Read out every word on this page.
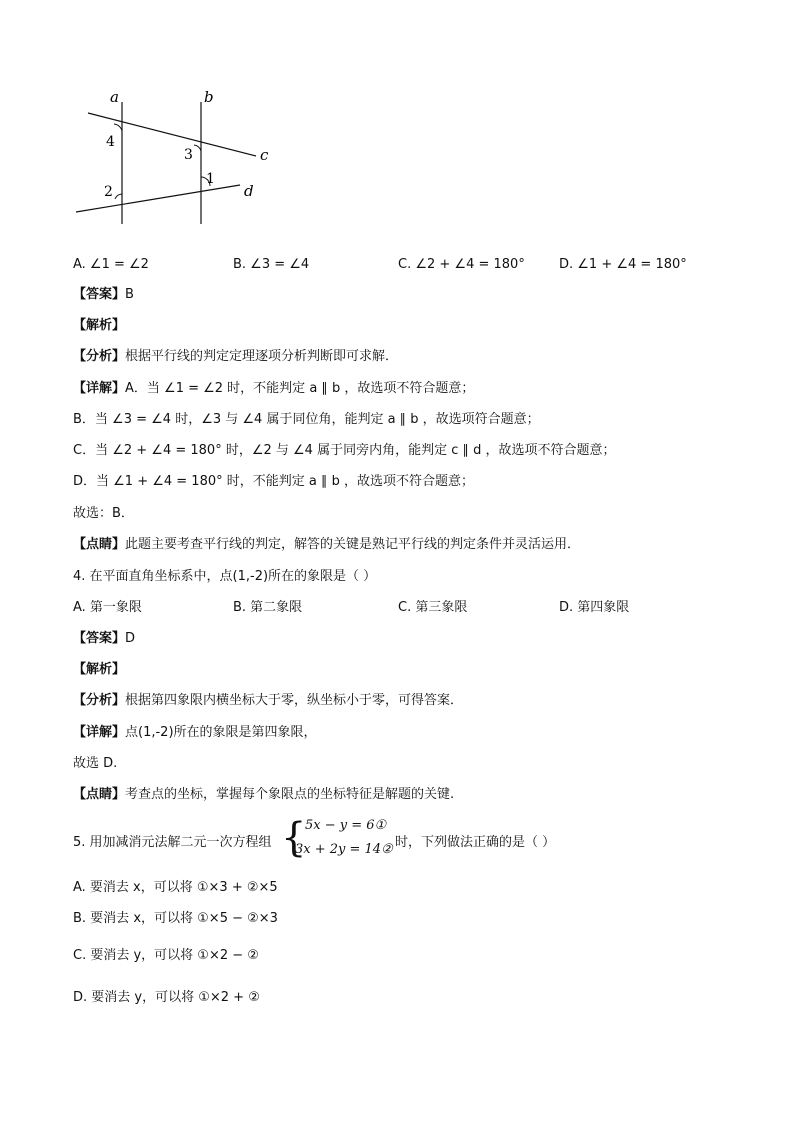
a	b
c
d
4
3
2
1
A. ∠1 = ∠2	B. ∠3 = ∠4	C. ∠2 + ∠4 = 180°	D. ∠1 + ∠4 = 180°
【答案】B
【解析】
【分析】根据平行线的判定定理逐项分析判断即可求解．
【详解】A．当 ∠1 = ∠2 时，不能判定 a ∥ b ，故选项不符合题意；
B．当 ∠3 = ∠4 时，∠3 与 ∠4 属于同位角，能判定 a ∥ b ，故选项符合题意；
C．当 ∠2 + ∠4 = 180° 时，∠2 与 ∠4 属于同旁内角，能判定 c ∥ d ，故选项不符合题意；
D．当 ∠1 + ∠4 = 180° 时，不能判定 a ∥ b ，故选项不符合题意；
故选：B．
【点睛】此题主要考查平行线的判定，解答的关键是熟记平行线的判定条件并灵活运用．
4. 在平面直角坐标系中，点(1,-2)所在的象限是（ ）
A. 第一象限	B. 第二象限	C. 第三象限	D. 第四象限
【答案】D
【解析】
【分析】根据第四象限内横坐标大于零，纵坐标小于零，可得答案．
【详解】点(1,-2)所在的象限是第四象限，
故选 D.
【点睛】考查点的坐标，掌握每个象限点的坐标特征是解题的关键.
5. 用加减消元法解二元一次方程组 {
5x − y = 6①
3x + 2y = 14② 时，下列做法正确的是（ ）
A. 要消去 x，可以将 ①×3 + ②×5
B. 要消去 x，可以将 ①×5 − ②×3
C. 要消去 y，可以将 ①×2 − ②
D. 要消去 y，可以将 ①×2 + ②
